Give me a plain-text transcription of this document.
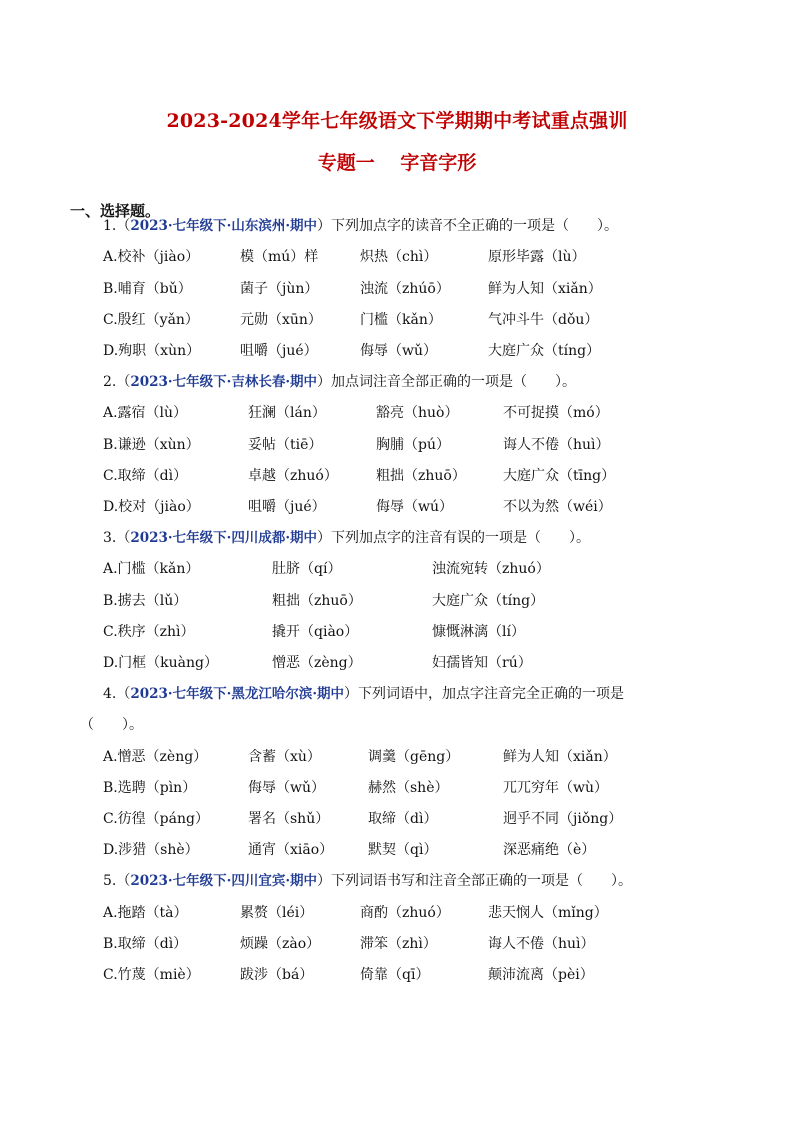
2023-2024学年七年级语文下学期期中考试重点强训
专题一　 字音字形
一、选择题。
1.（2023·七年级下·山东滨州·期中）下列加点字的读音不全正确的一项是（　　）。
A.校补（jiào）	模（mú）样	炽热（chì）	原形毕露（lù）
B.哺育（bǔ）	菌子（jùn）	浊流（zhúō）	鲜为人知（xiǎn）
C.殷红（yǎn）	元勋（xūn）	门槛（kǎn）	气冲斗牛（dǒu）
D.殉职（xùn）	咀嚼（jué）	侮辱（wǔ）	大庭广众（tíng）
2.（2023·七年级下·吉林长春·期中）加点词注音全部正确的一项是（　　）。
A.露宿（lù）	狂澜（lán）	豁亮（huò）	不可捉摸（mó）
B.谦逊（xùn）	妥帖（tiē）	胸脯（pú）	诲人不倦（huì）
C.取缔（dì）	卓越（zhuó）	粗拙（zhuō）	大庭广众（tīng）
D.校对（jiào）	咀嚼（jué）	侮辱（wú）	不以为然（wéi）
3.（2023·七年级下·四川成都·期中）下列加点字的注音有误的一项是（　　）。
A.门槛（kǎn）	肚脐（qí）	浊流宛转（zhuó）
B.掳去（lǔ）	粗拙（zhuō）	大庭广众（tíng）
C.秩序（zhì）	撬开（qiào）	慷慨淋漓（lí）
D.门框（kuàng）	憎恶（zèng）	妇孺皆知（rú）
4.（2023·七年级下·黑龙江哈尔滨·期中）下列词语中，加点字注音完全正确的一项是
（　　）。
A.憎恶（zèng）	含蓄（xù）	调羹（gēng）	鲜为人知（xiǎn）
B.选聘（pìn）	侮辱（wǔ）	赫然（shè）	兀兀穷年（wù）
C.彷徨（páng）	署名（shǔ）	取缔（dì）	迥乎不同（jiǒng）
D.涉猎（shè）	通宵（xiāo） 默契（qì）	深恶痛绝（è）
5.（2023·七年级下·四川宜宾·期中）下列词语书写和注音全部正确的一项是（　　）。
A.拖踏（tà）	累赘（léi）	商酌（zhuó）	悲天悯人（mǐng）
B.取缔（dì）	烦躁（zào）	滞笨（zhì）	诲人不倦（huì）
C.竹蔑（miè）	跋涉（bá）	倚靠（qī）	颠沛流离（pèi）
